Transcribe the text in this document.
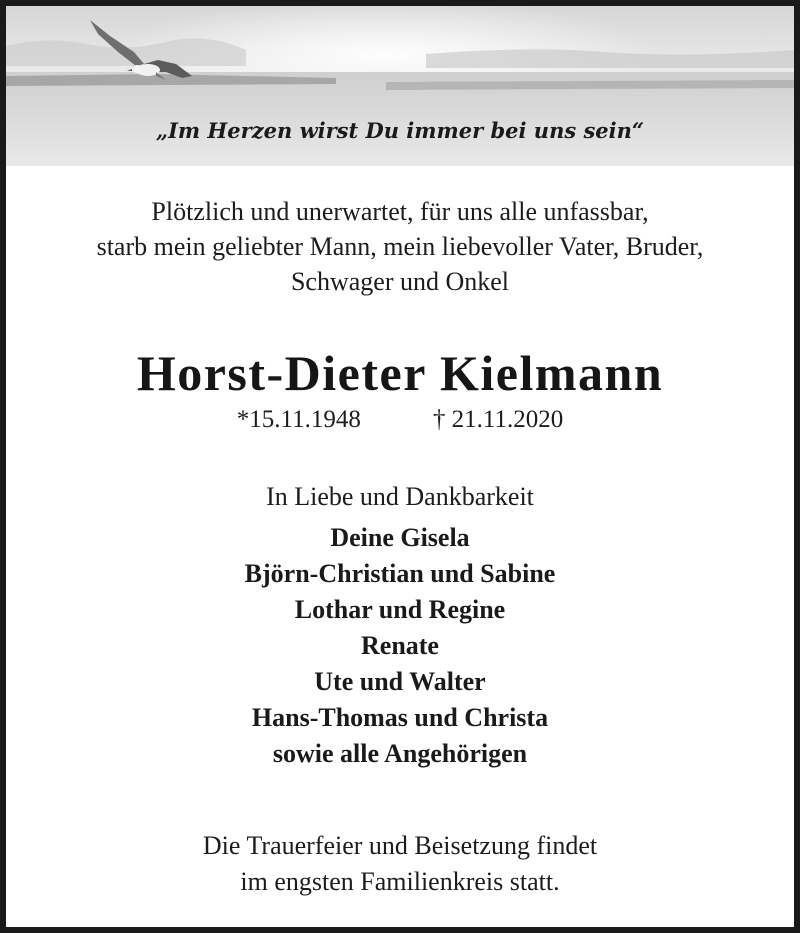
„Im Herzen wirst Du immer bei uns sein“
Plötzlich und unerwartet, für uns alle unfassbar,
starb mein geliebter Mann, mein liebevoller Vater, Bruder,
Schwager und Onkel
Horst-Dieter Kielmann
*15.11.1948	† 21.11.2020
In Liebe und Dankbarkeit
Deine Gisela
Björn-Christian und Sabine
Lothar und Regine
Renate
Ute und Walter
Hans-Thomas und Christa
sowie alle Angehörigen
Die Trauerfeier und Beisetzung findet
im engsten Familienkreis statt.
